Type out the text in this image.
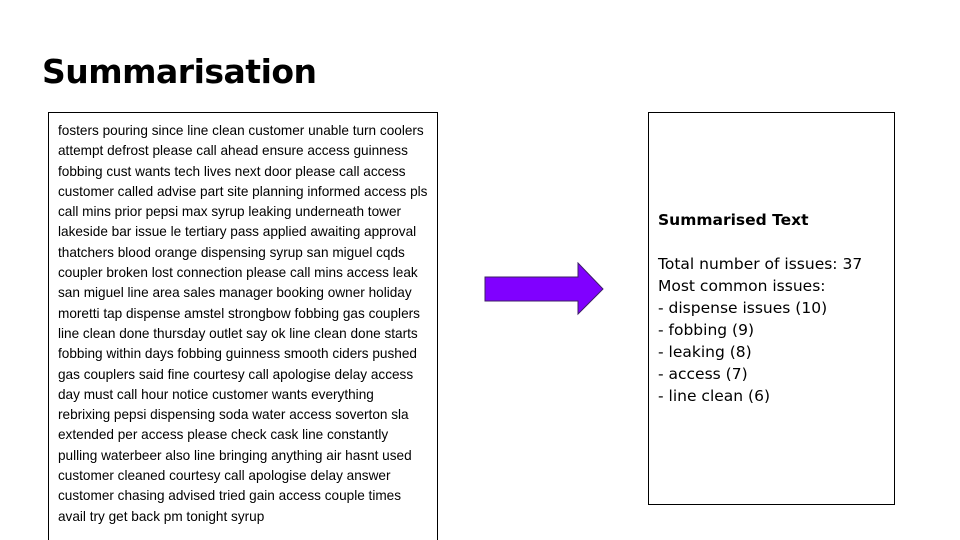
Summarisation

fosters pouring since line clean customer unable turn coolers attempt defrost please call ahead ensure access guinness fobbing cust wants tech lives next door please call access customer called advise part site planning informed access pls call mins prior pepsi max syrup leaking underneath tower lakeside bar issue le tertiary pass applied awaiting approval thatchers blood orange dispensing syrup san miguel cqds coupler broken lost connection please call mins access leak san miguel line area sales manager booking owner holiday moretti tap dispense amstel strongbow fobbing gas couplers line clean done thursday outlet say ok line clean done starts fobbing within days fobbing guinness smooth ciders pushed gas couplers said fine courtesy call apologise delay access day must call hour notice customer wants everything rebrixing pepsi dispensing soda water access soverton sla extended per access please check cask line constantly pulling waterbeer also line bringing anything air hasnt used customer cleaned courtesy call apologise delay answer customer chasing advised tried gain access couple times avail try get back pm tonight syrup

Summarised Text

Total number of issues: 37

Most common issues:

- dispense issues (10)
- fobbing (9)
- leaking (8)
- access (7)
- line clean (6)
